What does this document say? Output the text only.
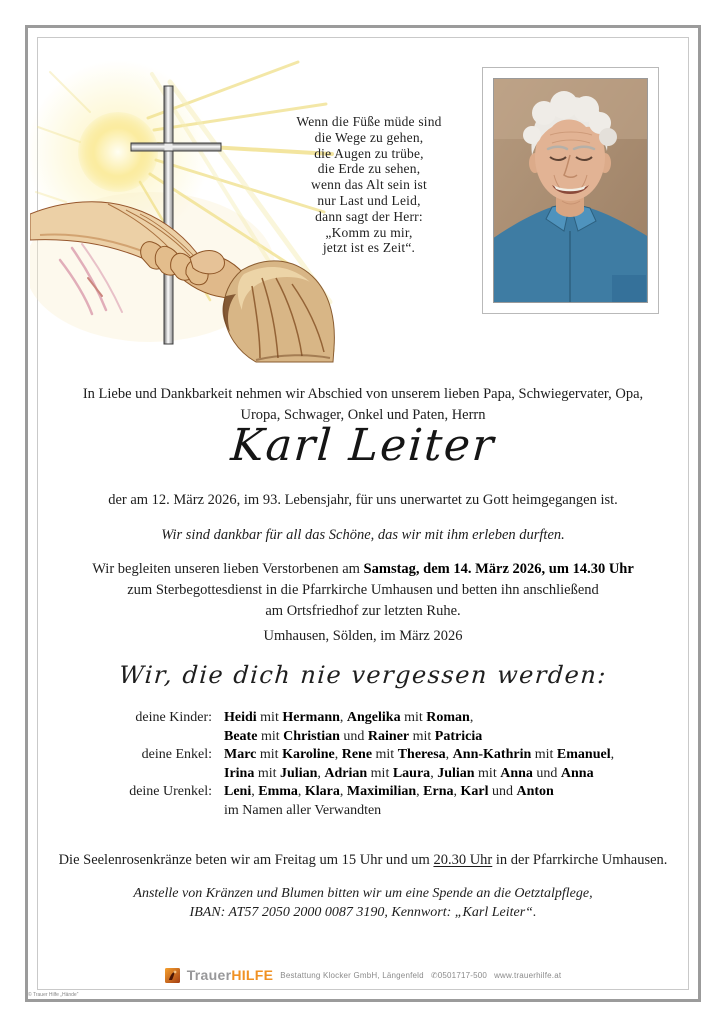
Wenn die Füße müde sind
die Wege zu gehen,
die Augen zu trübe,
die Erde zu sehen,
wenn das Alt sein ist
nur Last und Leid,
dann sagt der Herr:
„Komm zu mir,
jetzt ist es Zeit“.
In Liebe und Dankbarkeit nehmen wir Abschied von unserem lieben Papa, Schwiegervater, Opa,
Uropa, Schwager, Onkel und Paten, Herrn
Karl Leiter
der am 12. März 2026, im 93. Lebensjahr, für uns unerwartet zu Gott heimgegangen ist.
Wir sind dankbar für all das Schöne, das wir mit ihm erleben durften.
Wir begleiten unseren lieben Verstorbenen am Samstag, dem 14. März 2026, um 14.30 Uhr
zum Sterbegottesdienst in die Pfarrkirche Umhausen und betten ihn anschließend
am Ortsfriedhof zur letzten Ruhe.
Umhausen, Sölden, im März 2026
Wir, die dich nie vergessen werden:
deine Kinder: Heidi mit Hermann, Angelika mit Roman,
Beate mit Christian und Rainer mit Patricia
deine Enkel: Marc mit Karoline, Rene mit Theresa, Ann-Kathrin mit Emanuel,
Irina mit Julian, Adrian mit Laura, Julian mit Anna und Anna
deine Urenkel: Leni, Emma, Klara, Maximilian, Erna, Karl und Anton
im Namen aller Verwandten
Die Seelenrosenkränze beten wir am Freitag um 15 Uhr und um 20.30 Uhr in der Pfarrkirche Umhausen.
Anstelle von Kränzen und Blumen bitten wir um eine Spende an die Oetztalpflege,
IBAN: AT57 2050 2000 0087 3190, Kennwort: „Karl Leiter“.
TrauerHILFE Bestattung Klocker GmbH, Längenfeld ✆0501717-500 www.trauerhilfe.at
© Trauer Hilfe „Hände“
